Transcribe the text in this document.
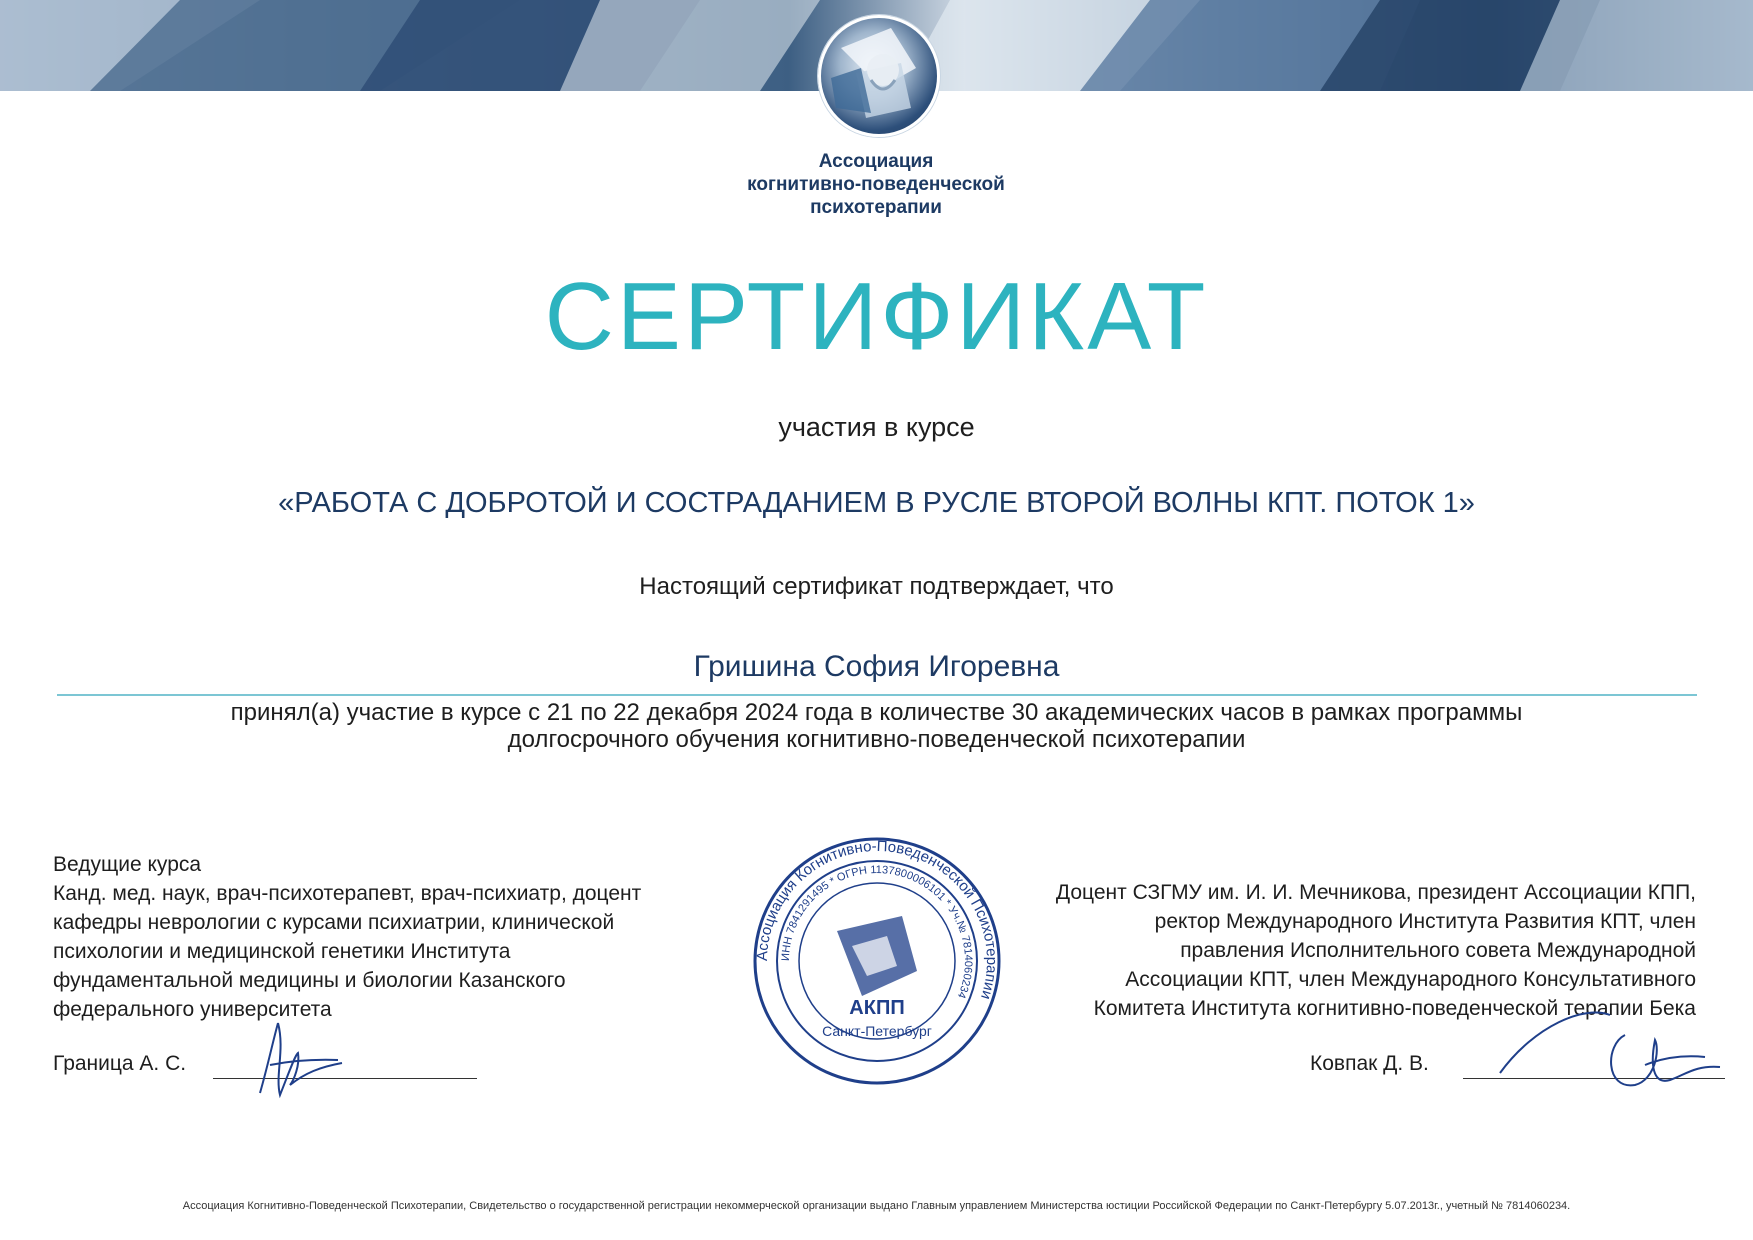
Ассоциация
когнитивно-поведенческой
психотерапии
СЕРТИФИКАТ
участия в курсе
«РАБОТА С ДОБРОТОЙ И СОСТРАДАНИЕМ В РУСЛЕ ВТОРОЙ ВОЛНЫ КПТ. ПОТОК 1»
Настоящий сертификат подтверждает, что
Гришина София Игоревна
принял(а) участие в курсе с 21 по 22 декабря 2024 года в количестве 30 академических часов в рамках программы
долгосрочного обучения когнитивно-поведенческой психотерапии
Ведущие курса
Канд. мед. наук, врач-психотерапевт, врач-психиатр, доцент
кафедры неврологии с курсами психиатрии, клинической
психологии и медицинской генетики Института
фундаментальной медицины и биологии Казанского
федерального университета
Доцент СЗГМУ им. И. И. Мечникова, президент Ассоциации КПП,
ректор Международного Института Развития КПТ, член
правления Исполнительного совета Международной
Ассоциации КПТ, член Международного Консультативного
Комитета Института когнитивно-поведенческой терапии Бека
Граница А. С.	Ковпак Д. В.
Ассоциация Когнитивно-Поведенческой Психотерапии
ИНН 7841291495 * ОГРН 1137800006101 * Уч.№ 7814060234
АКПП
Санкт-Петербург
Ассоциация Когнитивно-Поведенческой Психотерапии, Свидетельство о государственной регистрации некоммерческой организации выдано Главным управлением Министерства юстиции Российской Федерации по Санкт-Петербургу 5.07.2013г., учетный № 7814060234.
